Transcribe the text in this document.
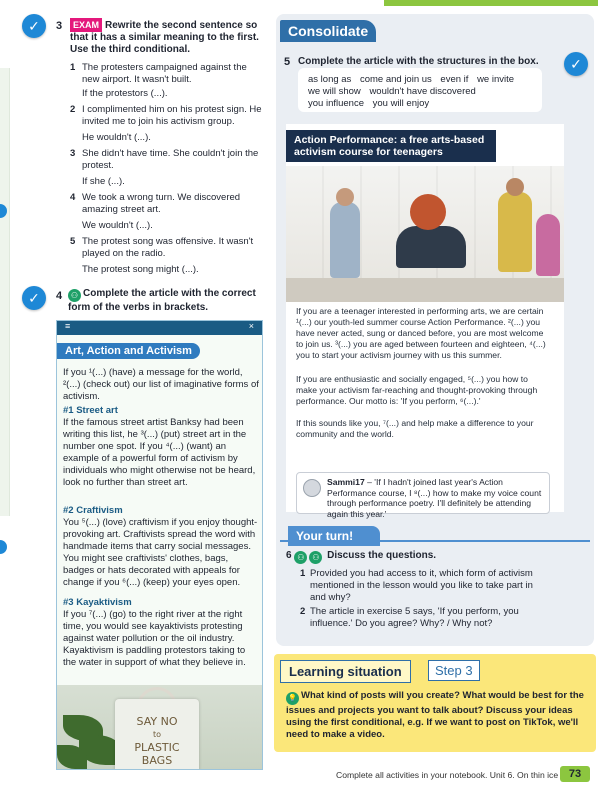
✓	3	EXAM Rewrite the second sentence so that it has a similar meaning to the first. Use the third conditional.
1 The protesters campaigned against the new airport. It wasn't built.
If the protestors (...).
2 I complimented him on his protest sign. He invited me to join his activism group.
He wouldn't (...).
3 She didn't have time. She couldn't join the protest.
If she (...).
4 We took a wrong turn. We discovered amazing street art.
We wouldn't (...).
5 The protest song was offensive. It wasn't played on the radio.
The protest song might (...).
✓	4	⚇ Complete the article with the correct form of the verbs in brackets.
≡	×
Art, Action and Activism
If you ¹(...) (have) a message for the world, ²(...) (check out) our list of imaginative forms of activism.
#1 Street art
If the famous street artist Banksy had been writing this list, he ³(...) (put) street art in the number one spot. If you ⁴(...) (want) an example of a powerful form of activism by individuals who might otherwise not be heard, look no further than street art.
#2 Craftivism
You ⁵(...) (love) craftivism if you enjoy thought-provoking art. Craftivists spread the word with handmade items that carry social messages. You might see craftivists' clothes, bags, badges or hats decorated with appeals for change if you ⁶(...) (keep) your eyes open.
#3 Kayaktivism
If you ⁷(...) (go) to the right river at the right time, you would see kayaktivists protesting against water pollution or the oil industry. Kayaktivism is paddling protestors taking to the water in support of what they believe in.
SAY NO
to
PLASTIC
BAGS
Consolidate
✓
5 Complete the article with the structures in the box.
as long as come and join us even if we invite
we will show wouldn't have discovered
you influence you will enjoy
Action Performance: a free arts-based activism course for teenagers
If you are a teenager interested in performing arts, we are certain ¹(...) our youth-led summer course Action Performance. ²(...) you have never acted, sung or danced before, you are most welcome to join us. ³(...) you are aged between fourteen and eighteen, ⁴(...) you to start your activism journey with us this summer.
If you are enthusiastic and socially engaged, ⁵(...) you how to make your activism far-reaching and thought-provoking through performance. Our motto is: 'If you perform, ⁶(...).'
If this sounds like you, ⁷(...) and help make a difference to your community and the world.
Sammi17 – 'If I hadn't joined last year's Action Performance course, I ⁸(...) how to make my voice count through performance poetry. I'll definitely be attending again this year.'
Your turn!
6 ⚇ ⚇ Discuss the questions.
1 Provided you had access to it, which form of activism mentioned in the lesson would you like to take part in and why?
2 The article in exercise 5 says, 'If you perform, you influence.' Do you agree? Why? / Why not?
Learning situation	Step 3
💡 What kind of posts will you create? What would be best for the issues and projects you want to talk about? Discuss your ideas using the first conditional, e.g. If we want to post on TikTok, we'll need to make a video.
Complete all activities in your notebook. Unit 6. On thin ice 73
